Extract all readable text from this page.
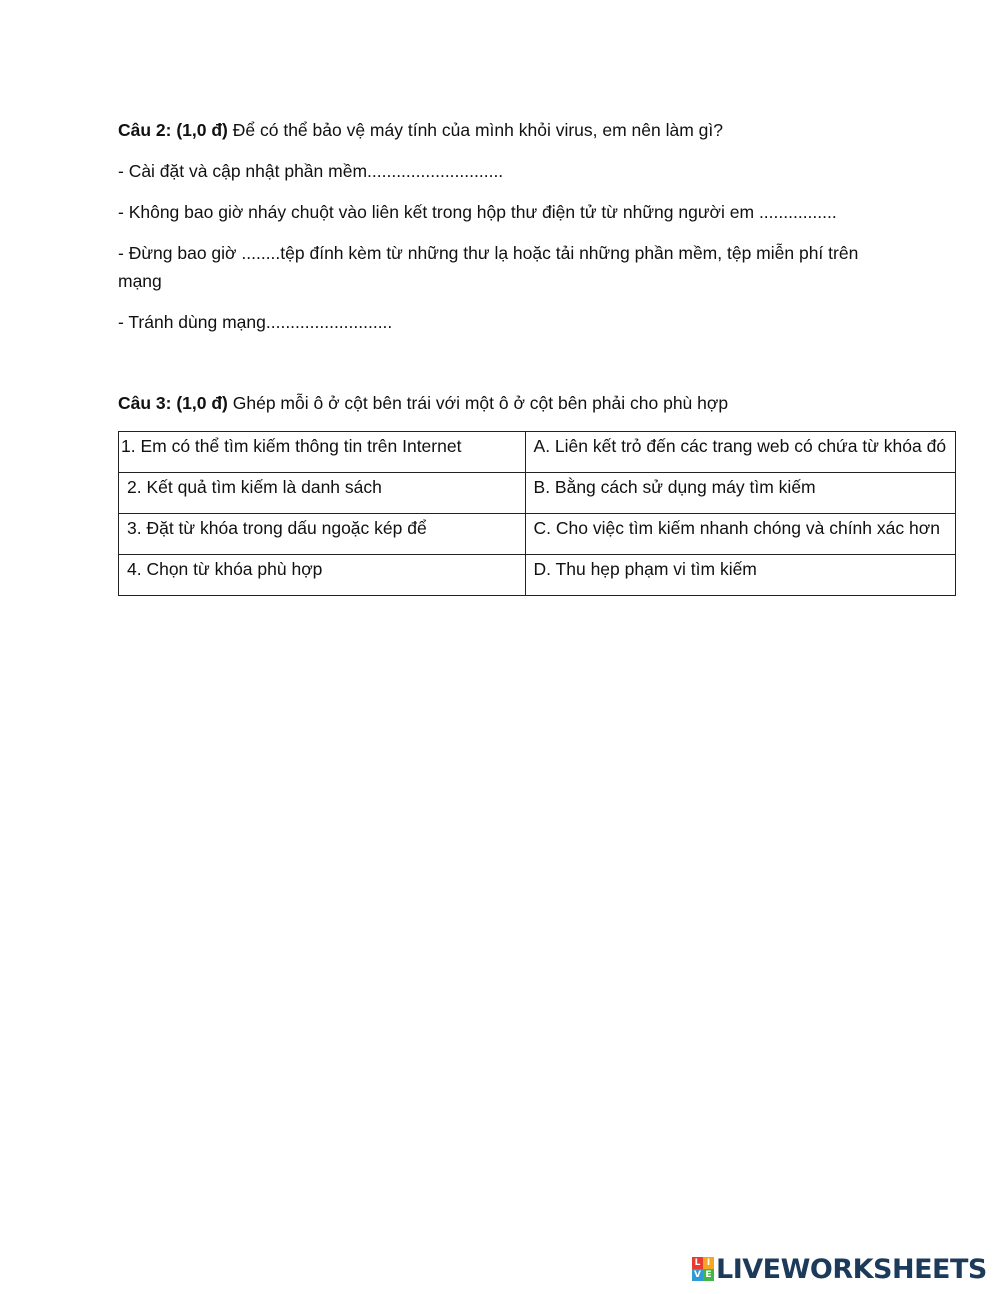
Câu 2: (1,0 đ) Để có thể bảo vệ máy tính của mình khỏi virus, em nên làm gì?
- Cài đặt và cập nhật phần mềm............................
- Không bao giờ nháy chuột vào liên kết trong hộp thư điện tử từ những người em ................
- Đừng bao giờ ........tệp đính kèm từ những thư lạ hoặc tải những phần mềm, tệp miễn phí trên mạng
- Tránh dùng mạng..........................
Câu 3: (1,0 đ) Ghép mỗi ô ở cột bên trái với một ô ở cột bên phải cho phù hợp
1. Em có thể tìm kiếm thông tin trên Internet	A. Liên kết trỏ đến các trang web có chứa từ khóa đó
2. Kết quả tìm kiếm là danh sách	B. Bằng cách sử dụng máy tìm kiếm
3. Đặt từ khóa trong dấu ngoặc kép để	C. Cho việc tìm kiếm nhanh chóng và chính xác hơn
4. Chọn từ khóa phù hợp	D. Thu hẹp phạm vi tìm kiếm
L I
V E LIVEWORKSHEETS
